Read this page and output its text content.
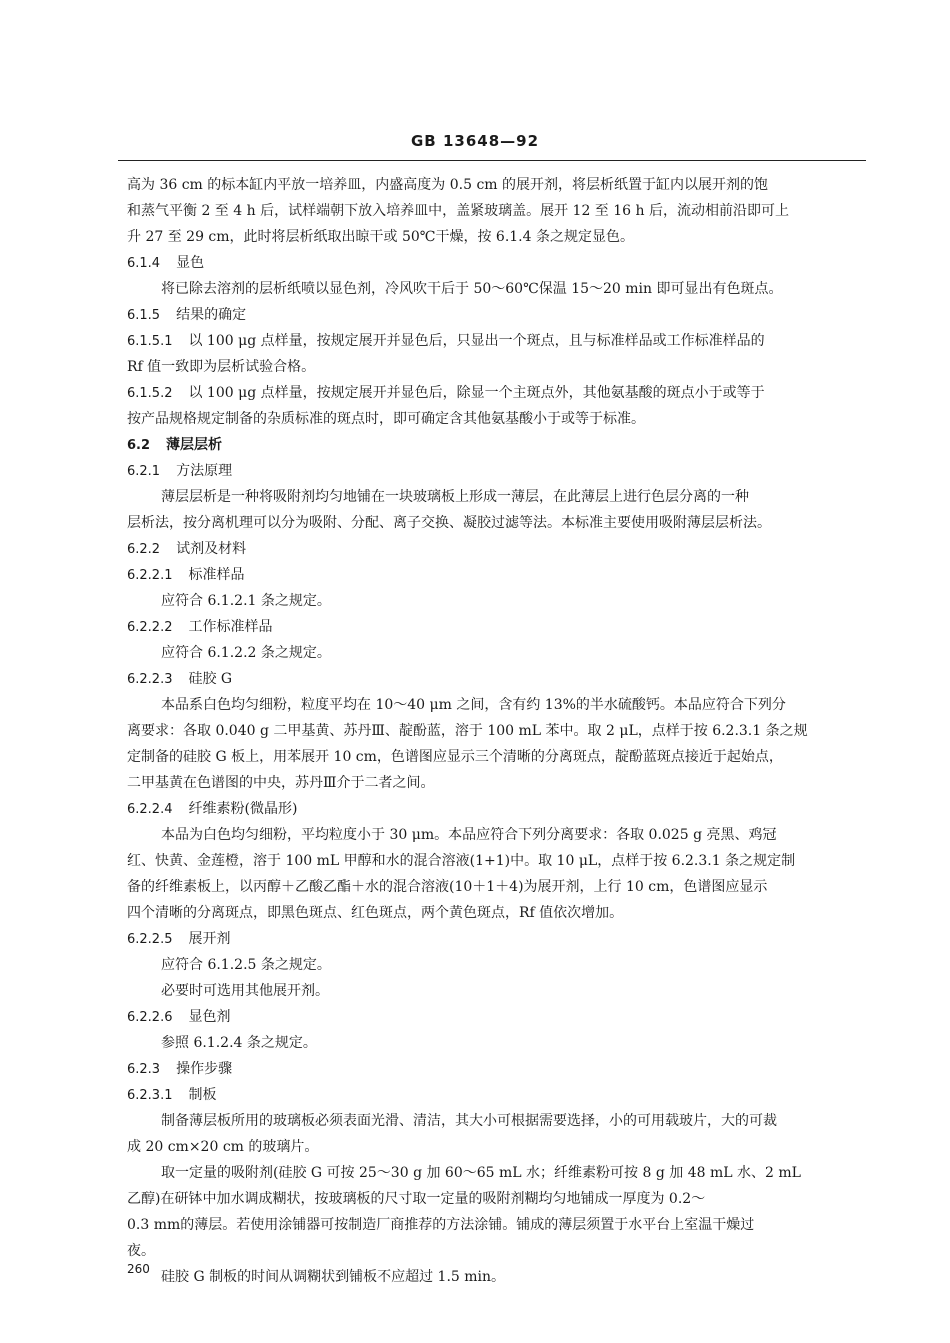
GB 13648—92
高为 36 cm 的标本缸内平放一培养皿，内盛高度为 0.5 cm 的展开剂，将层析纸置于缸内以展开剂的饱
和蒸气平衡 2 至 4 h 后，试样端朝下放入培养皿中，盖紧玻璃盖。展开 12 至 16 h 后，流动相前沿即可上
升 27 至 29 cm，此时将层析纸取出晾干或 50℃干燥，按 6.1.4 条之规定显色。
6.1.4 显色
将已除去溶剂的层析纸喷以显色剂，冷风吹干后于 50～60℃保温 15～20 min 即可显出有色斑点。
6.1.5 结果的确定
6.1.5.1 以 100 μg 点样量，按规定展开并显色后，只显出一个斑点，且与标准样品或工作标准样品的
Rf 值一致即为层析试验合格。
6.1.5.2 以 100 μg 点样量，按规定展开并显色后，除显一个主斑点外，其他氨基酸的斑点小于或等于
按产品规格规定制备的杂质标准的斑点时，即可确定含其他氨基酸小于或等于标准。
6.2 薄层层析
6.2.1 方法原理
薄层层析是一种将吸附剂均匀地铺在一块玻璃板上形成一薄层，在此薄层上进行色层分离的一种
层析法，按分离机理可以分为吸附、分配、离子交换、凝胶过滤等法。本标准主要使用吸附薄层层析法。
6.2.2 试剂及材料
6.2.2.1 标准样品
应符合 6.1.2.1 条之规定。
6.2.2.2 工作标准样品
应符合 6.1.2.2 条之规定。
6.2.2.3 硅胶 G
本品系白色均匀细粉，粒度平均在 10～40 μm 之间，含有约 13%的半水硫酸钙。本品应符合下列分
离要求：各取 0.040 g 二甲基黄、苏丹Ⅲ、靛酚蓝，溶于 100 mL 苯中。取 2 μL，点样于按 6.2.3.1 条之规
定制备的硅胶 G 板上，用苯展开 10 cm，色谱图应显示三个清晰的分离斑点，靛酚蓝斑点接近于起始点，
二甲基黄在色谱图的中央，苏丹Ⅲ介于二者之间。
6.2.2.4 纤维素粉(微晶形)
本品为白色均匀细粉，平均粒度小于 30 μm。本品应符合下列分离要求：各取 0.025 g 亮黑、鸡冠
红、快黄、金莲橙，溶于 100 mL 甲醇和水的混合溶液(1+1)中。取 10 μL，点样于按 6.2.3.1 条之规定制
备的纤维素板上，以丙醇＋乙酸乙酯＋水的混合溶液(10＋1＋4)为展开剂，上行 10 cm，色谱图应显示
四个清晰的分离斑点，即黑色斑点、红色斑点，两个黄色斑点，Rf 值依次增加。
6.2.2.5 展开剂
应符合 6.1.2.5 条之规定。
必要时可选用其他展开剂。
6.2.2.6 显色剂
参照 6.1.2.4 条之规定。
6.2.3 操作步骤
6.2.3.1 制板
制备薄层板所用的玻璃板必须表面光滑、清洁，其大小可根据需要选择，小的可用载玻片，大的可裁
成 20 cm×20 cm 的玻璃片。
取一定量的吸附剂(硅胶 G 可按 25～30 g 加 60～65 mL 水；纤维素粉可按 8 g 加 48 mL 水、2 mL
乙醇)在研钵中加水调成糊状，按玻璃板的尺寸取一定量的吸附剂糊均匀地铺成一厚度为 0.2～
0.3 mm的薄层。若使用涂铺器可按制造厂商推荐的方法涂铺。铺成的薄层须置于水平台上室温干燥过
夜。
硅胶 G 制板的时间从调糊状到铺板不应超过 1.5 min。
260
